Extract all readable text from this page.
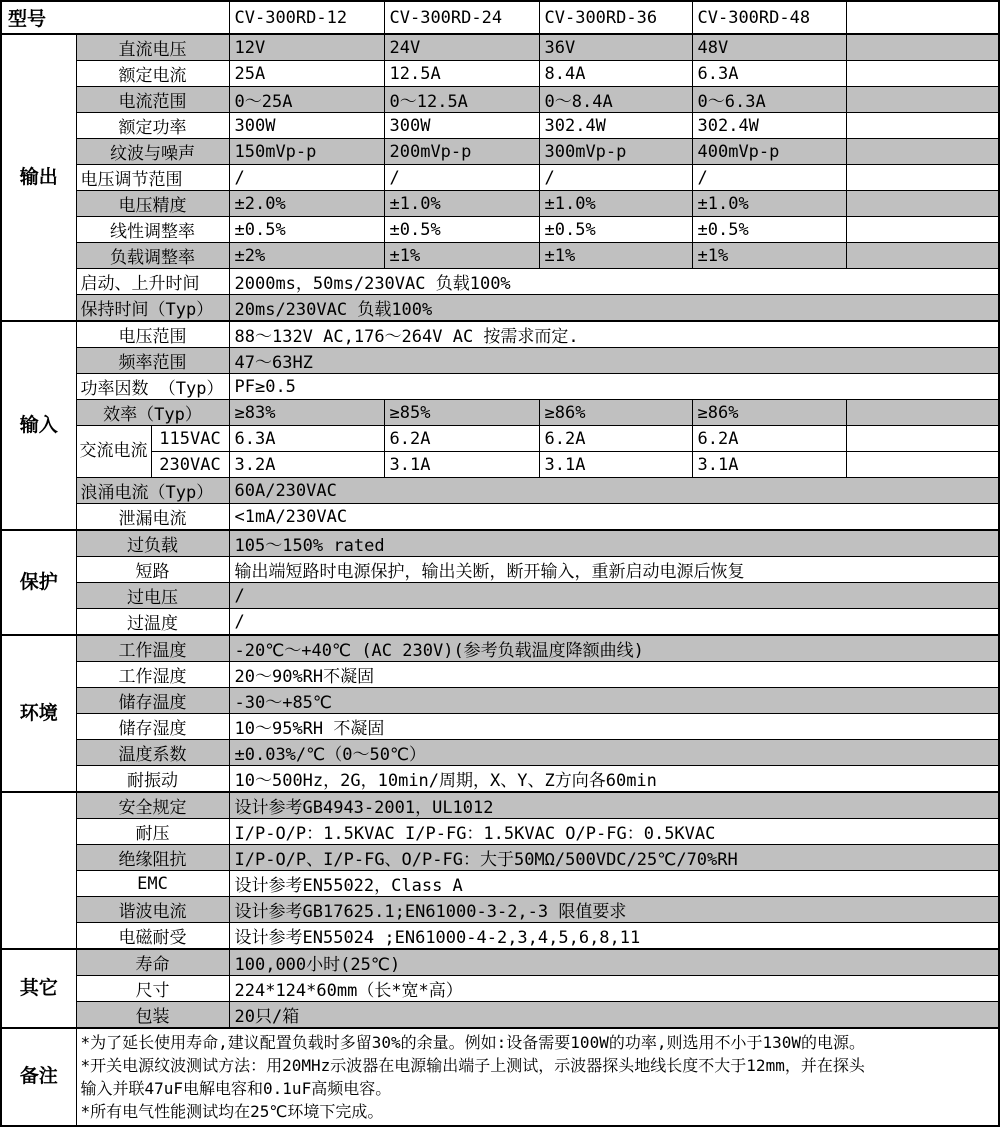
型号			CV-300RD-12	CV-300RD-24	CV-300RD-36	CV-300RD-48	
输出	直流电压		12V	24V	36V	48V	
	额定电流		25A	12.5A	8.4A	6.3A	
	电流范围		0～25A	0～12.5A	0～8.4A	0～6.3A	
	额定功率		300W	300W	302.4W	302.4W	
	纹波与噪声		150mVp-p	200mVp-p	300mVp-p	400mVp-p	
	电压调节范围		/	/	/	/	
	电压精度		±2.0%	±1.0%	±1.0%	±1.0%	
	线性调整率		±0.5%	±0.5%	±0.5%	±0.5%	
	负载调整率		±2%	±1%	±1%	±1%	
	启动、上升时间		2000ms，50ms/230VAC 负载100%				
	保持时间（Typ）		20ms/230VAC 负载100%				
输入	电压范围		88～132V AC,176～264V AC 按需求而定.				
	频率范围		47～63HZ				
	功率因数 （Typ）		PF≥0.5				
	效率（Typ）		≥83%	≥85%	≥86%	≥86%	
	交流电流	115VAC	6.3A	6.2A	6.2A	6.2A	
		230VAC	3.2A	3.1A	3.1A	3.1A	
	浪涌电流（Typ）		60A/230VAC				
	泄漏电流		<1mA/230VAC				
保护	过负载		105～150% rated				
	短路		输出端短路时电源保护，输出关断，断开输入，重新启动电源后恢复				
	过电压		/				
	过温度		/				
环境	工作温度		-20℃～+40℃ (AC 230V)(参考负载温度降额曲线)				
	工作湿度		20～90%RH不凝固				
	储存温度		-30～+85℃				
	储存湿度		10～95%RH 不凝固				
	温度系数		±0.03%/℃（0～50℃）				
	耐振动		10～500Hz，2G，10min/周期，X、Y、Z方向各60min				
	安全规定		设计参考GB4943-2001，UL1012				
	耐压		I/P-O/P：1.5KVAC I/P-FG：1.5KVAC O/P-FG：0.5KVAC				
	绝缘阻抗		I/P-O/P、I/P-FG、O/P-FG：大于50MΩ/500VDC/25℃/70%RH				
	EMC		设计参考EN55022，Class A				
	谐波电流		设计参考GB17625.1;EN61000-3-2,-3 限值要求				
	电磁耐受		设计参考EN55024 ;EN61000-4-2,3,4,5,6,8,11				
其它	寿命		100,000小时(25℃)				
	尺寸		224*124*60mm（长*宽*高）				
	包装		20只/箱				
备注	*为了延长使用寿命,建议配置负载时多留30%的余量。例如:设备需要100W的功率,则选用不小于130W的电源。
*开关电源纹波测试方法：用20MHz示波器在电源输出端子上测试，示波器探头地线长度不大于12mm，并在探头
输入并联47uF电解电容和0.1uF高频电容。
*所有电气性能测试均在25℃环境下完成。						
